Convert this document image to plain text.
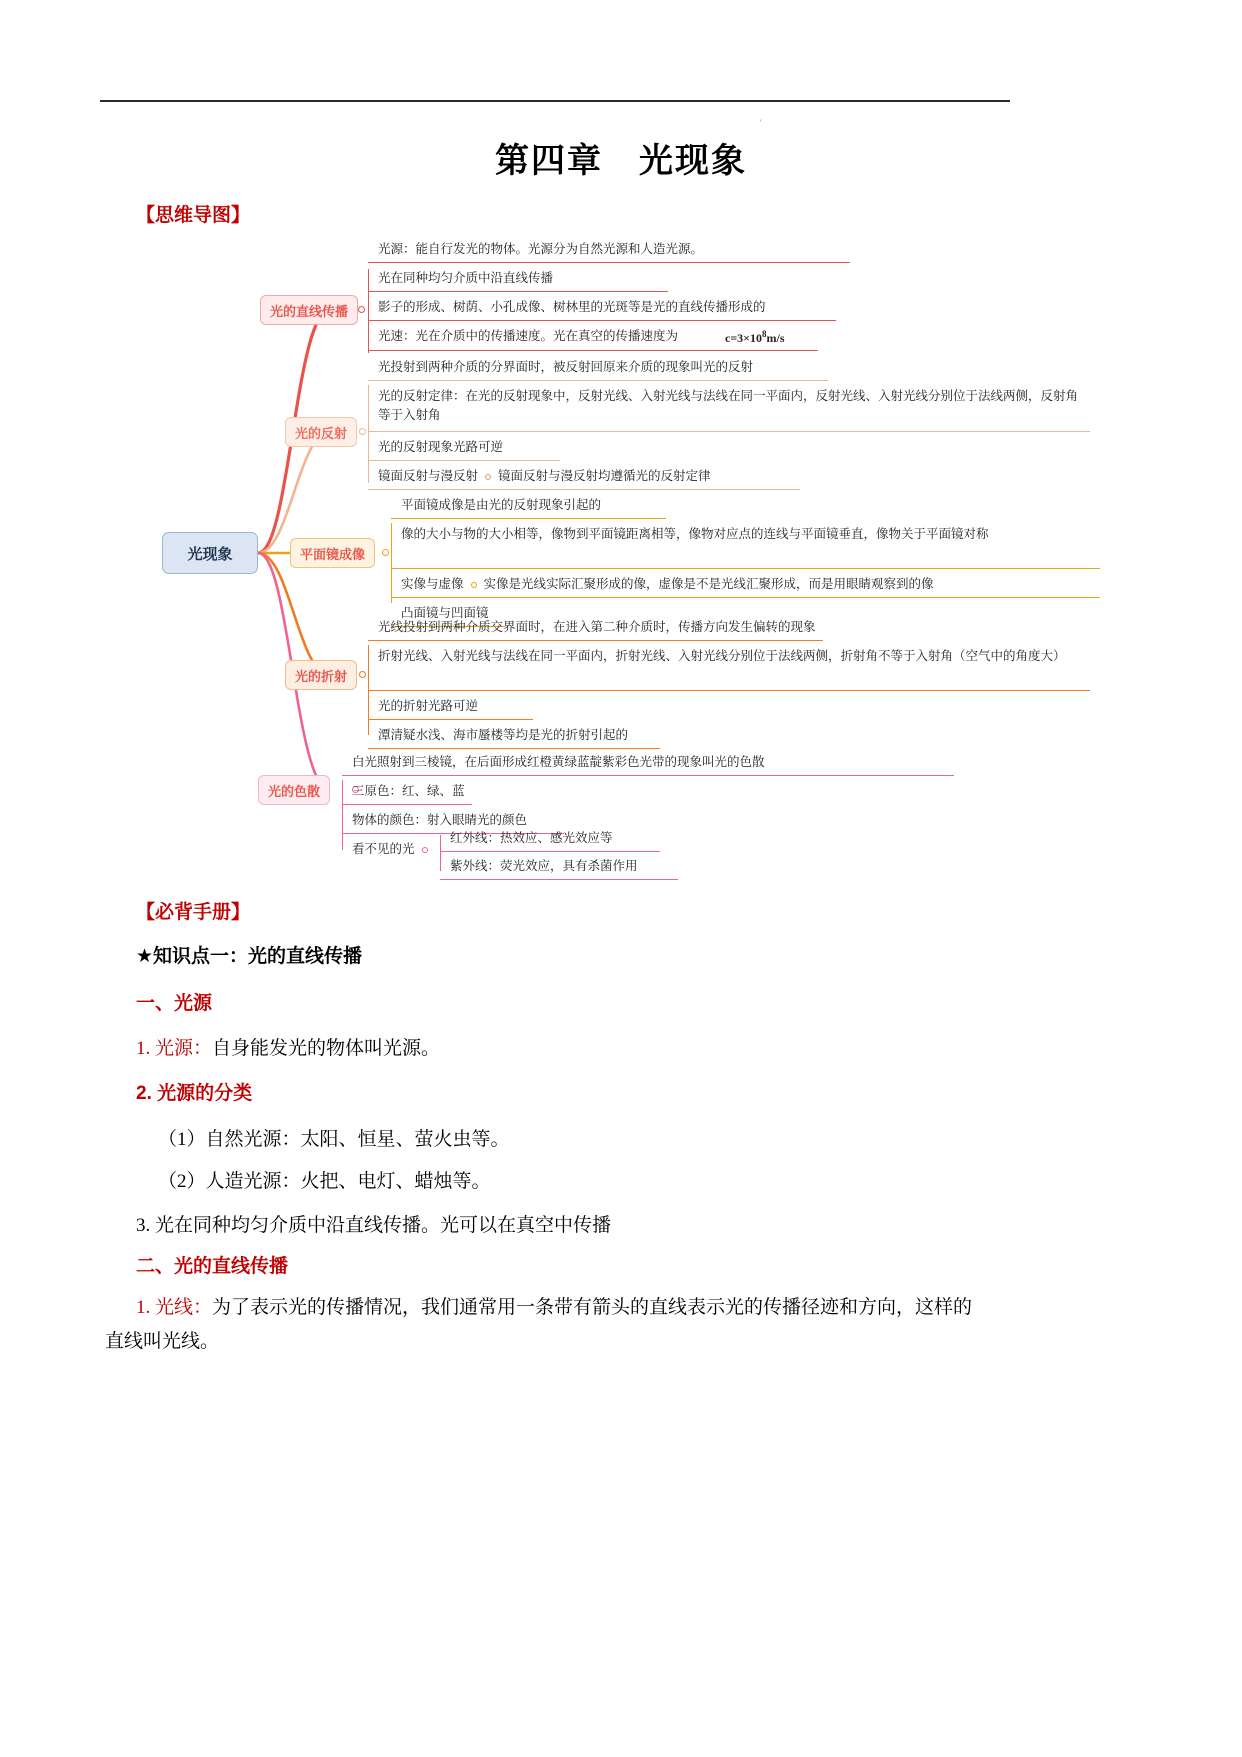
'
第四章　光现象
【思维导图】
光现象
光的直线传播
光源：能自行发光的物体。光源分为自然光源和人造光源。
光在同种均匀介质中沿直线传播
影子的形成、树荫、小孔成像、树林里的光斑等是光的直线传播形成的
光速：光在介质中的传播速度。光在真空的传播速度为	$c=3\times 10^8m/s$
光的反射
光投射到两种介质的分界面时，被反射回原来介质的现象叫光的反射
光的反射定律：在光的反射现象中，反射光线、入射光线与法线在同一平面内，反射光线、入射光线分别位于法线两侧，反射角等于入射角
光的反射现象光路可逆
镜面反射与漫反射 镜面反射与漫反射均遵循光的反射定律
平面镜成像
平面镜成像是由光的反射现象引起的
像的大小与物的大小相等，像物到平面镜距离相等，像物对应点的连线与平面镜垂直，像物关于平面镜对称
实像与虚像 实像是光线实际汇聚形成的像，虚像是不是光线汇聚形成，而是用眼睛观察到的像
凸面镜与凹面镜
光的折射
光线投射到两种介质交界面时，在进入第二种介质时，传播方向发生偏转的现象
折射光线、入射光线与法线在同一平面内，折射光线、入射光线分别位于法线两侧，折射角不等于入射角（空气中的角度大）
光的折射光路可逆
潭清疑水浅、海市蜃楼等均是光的折射引起的
光的色散
白光照射到三棱镜，在后面形成红橙黄绿蓝靛紫彩色光带的现象叫光的色散
三原色：红、绿、蓝
物体的颜色：射入眼睛光的颜色
看不见的光
红外线：热效应、感光效应等
紫外线：荧光效应，具有杀菌作用
【必背手册】
★知识点一：光的直线传播
一、光源
1. 光源：自身能发光的物体叫光源。
2. 光源的分类
（1）自然光源：太阳、恒星、萤火虫等。
（2）人造光源：火把、电灯、蜡烛等。
3. 光在同种均匀介质中沿直线传播。光可以在真空中传播
二、光的直线传播
1. 光线：为了表示光的传播情况，我们通常用一条带有箭头的直线表示光的传播径迹和方向，这样的
直线叫光线。
